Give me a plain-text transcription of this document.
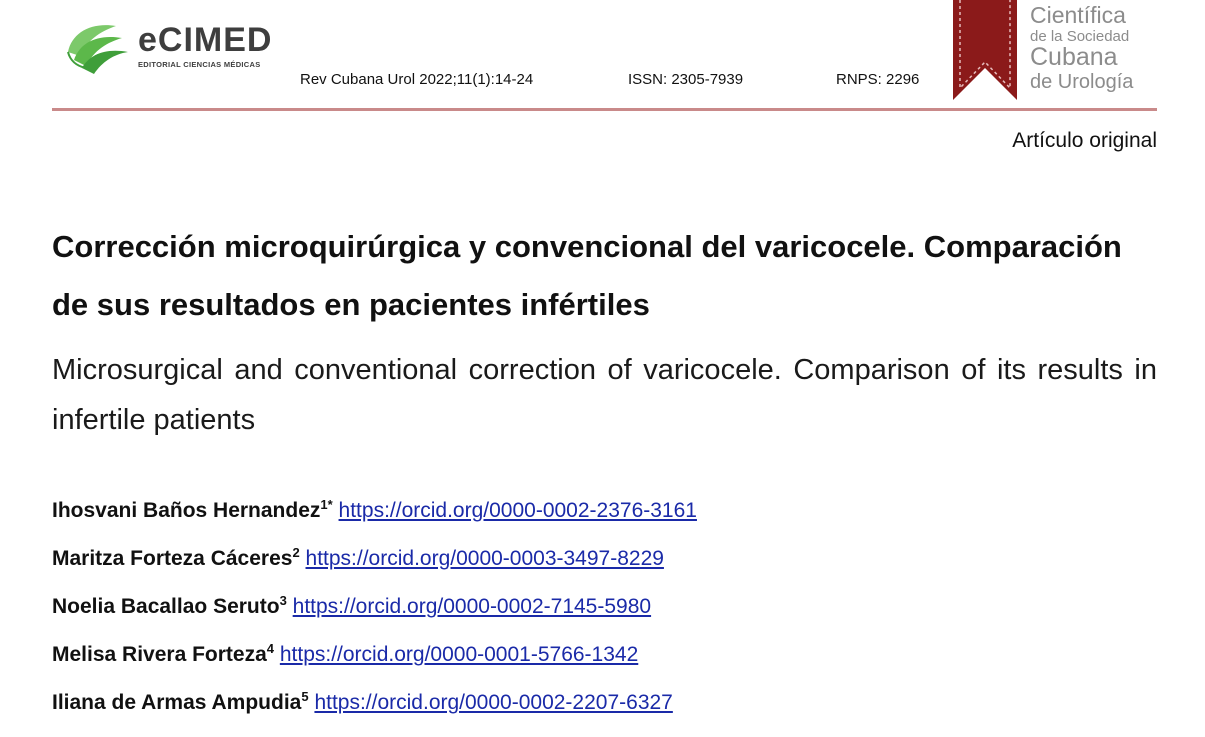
eCIMED
EDITORIAL CIENCIAS MÉDICAS
Rev Cubana Urol 2022;11(1):14-24	ISSN: 2305-7939	RNPS: 2296
Científica
de la Sociedad
Cubana
de Urología
Artículo original
Corrección microquirúrgica y convencional del varicocele. Comparación de sus resultados en pacientes infértiles

Microsurgical and conventional correction of varicocele. Comparison of its results in infertile patients

Ihosvani Baños Hernandez$^{1*}$ https://orcid.org/0000-0002-2376-3161
Maritza Forteza Cáceres$^2$ https://orcid.org/0000-0003-3497-8229
Noelia Bacallao Seruto$^3$ https://orcid.org/0000-0002-7145-5980
Melisa Rivera Forteza$^4$ https://orcid.org/0000-0001-5766-1342
Iliana de Armas Ampudia$^5$ https://orcid.org/0000-0002-2207-6327
